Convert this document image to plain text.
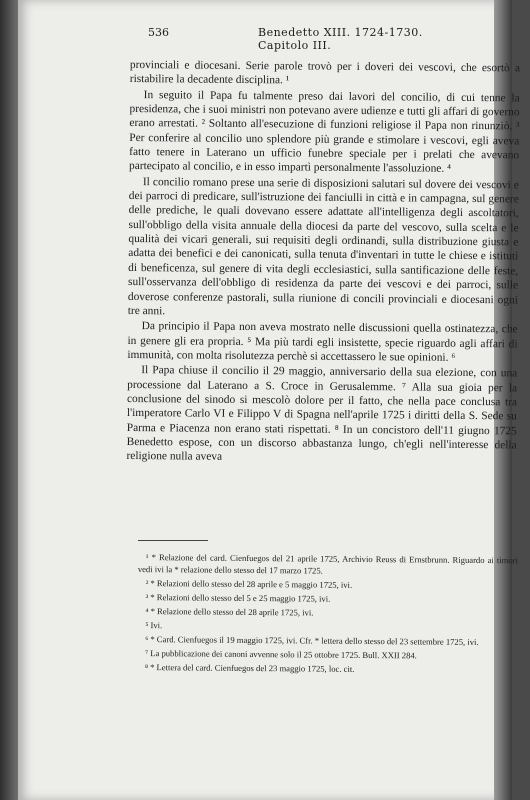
536	Benedetto XIII. 1724-1730. Capitolo III.

provinciali e diocesani. Serie parole trovò per i doveri dei vescovi, che esortò a ristabilire la decadente disciplina. ¹

In seguito il Papa fu talmente preso dai lavori del concilio, di cui tenne la presidenza, che i suoi ministri non potevano avere udienze e tutti gli affari di governo erano arrestati. ² Soltanto all'esecuzione di funzioni religiose il Papa non rinunziò. ³ Per conferire al concilio uno splendore più grande e stimolare i vescovi, egli aveva fatto tenere in Laterano un ufficio funebre speciale per i prelati che avevano partecipato al concilio, e in esso impartì personalmente l'assoluzione. ⁴

Il concilio romano prese una serie di disposizioni salutari sul dovere dei vescovi e dei parroci di predicare, sull'istruzione dei fanciulli in città e in campagna, sul genere delle prediche, le quali dovevano essere adattate all'intelligenza degli ascoltatori, sull'obbligo della visita annuale della diocesi da parte del vescovo, sulla scelta e le qualità dei vicari generali, sui requisiti degli ordinandi, sulla distribuzione giusta e adatta dei benefici e dei canonicati, sulla tenuta d'inventari in tutte le chiese e istituti di beneficenza, sul genere di vita degli ecclesiastici, sulla santificazione delle feste, sull'osservanza dell'obbligo di residenza da parte dei vescovi e dei parroci, sulle doverose conferenze pastorali, sulla riunione di concili provinciali e diocesani ogni tre anni.

Da principio il Papa non aveva mostrato nelle discussioni quella ostinatezza, che in genere gli era propria. ⁵ Ma più tardi egli insistette, specie riguardo agli affari di immunità, con molta risolutezza perchè si accettassero le sue opinioni. ⁶

Il Papa chiuse il concilio il 29 maggio, anniversario della sua elezione, con una processione dal Laterano a S. Croce in Gerusalemme. ⁷ Alla sua gioia per la conclusione del sinodo si mescolò dolore per il fatto, che nella pace conclusa tra l'imperatore Carlo VI e Filippo V di Spagna nell'aprile 1725 i diritti della S. Sede su Parma e Piacenza non erano stati rispettati. ⁸ In un concistoro dell'11 giugno 1725 Benedetto espose, con un discorso abbastanza lungo, ch'egli nell'interesse della religione nulla aveva

¹ * Relazione del card. Cienfuegos del 21 aprile 1725, Archivio Reuss di Ernstbrunn. Riguardo ai timori vedi ivi la * relazione dello stesso del 17 marzo 1725.

² * Relazioni dello stesso del 28 aprile e 5 maggio 1725, ivi.

³ * Relazioni dello stesso del 5 e 25 maggio 1725, ivi.

⁴ * Relazione dello stesso del 28 aprile 1725, ivi.

⁵ Ivi.

⁶ * Card. Cienfuegos il 19 maggio 1725, ivi. Cfr. * lettera dello stesso del 23 settembre 1725, ivi.

⁷ La pubblicazione dei canoni avvenne solo il 25 ottobre 1725. Bull. XXII 284.

⁸ * Lettera del card. Cienfuegos del 23 maggio 1725, loc. cit.
